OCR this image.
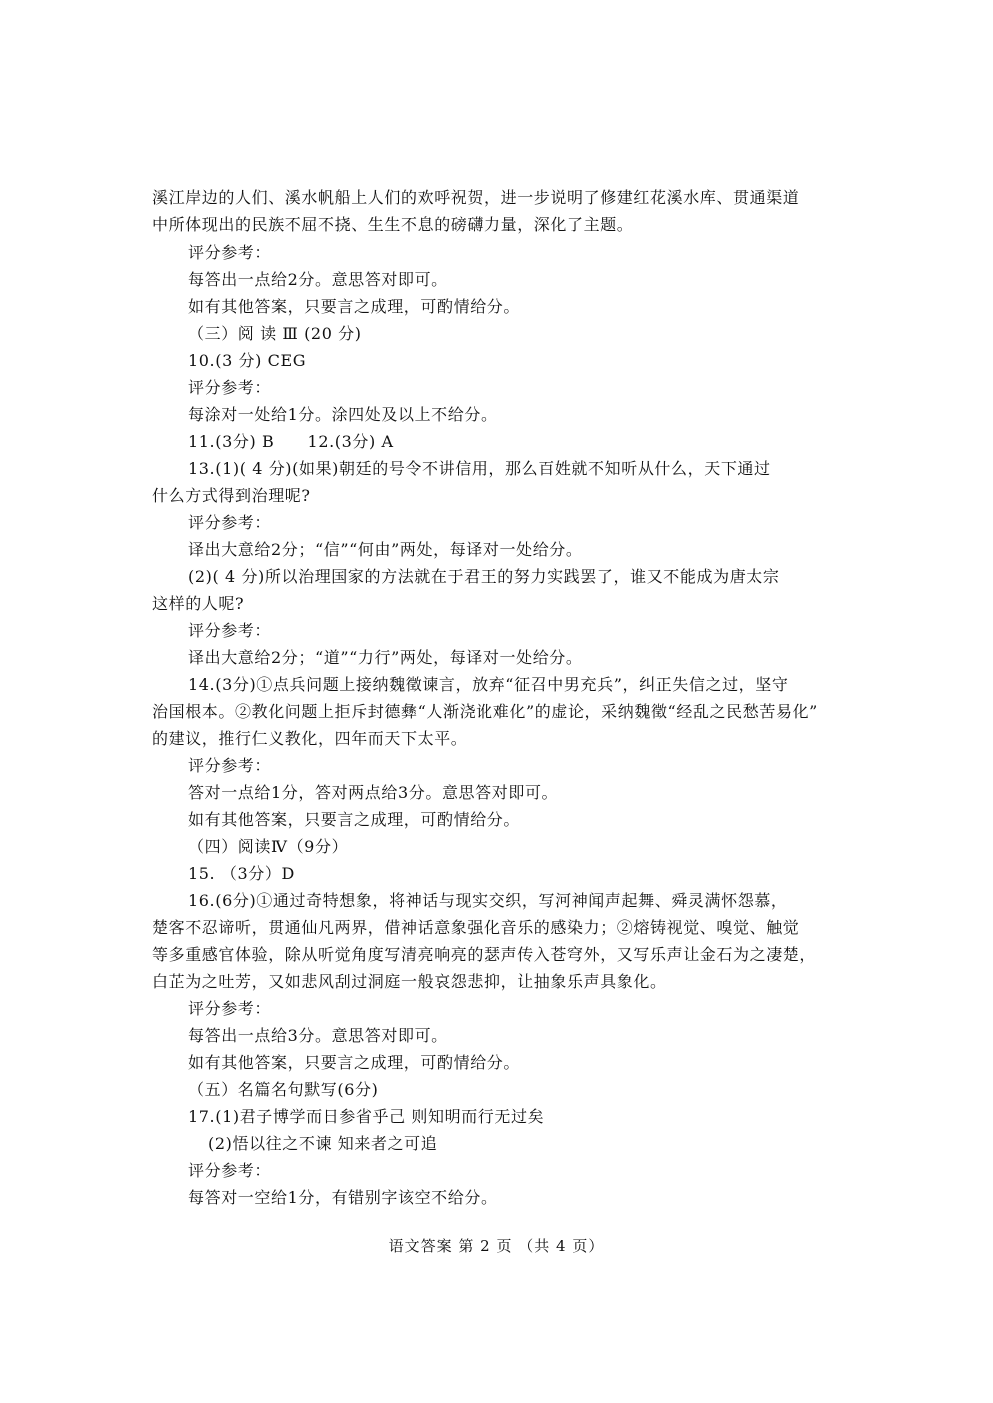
溪江岸边的人们、溪水帆船上人们的欢呼祝贺，进一步说明了修建红花溪水库、贯通渠道
中所体现出的民族不屈不挠、生生不息的磅礴力量，深化了主题。
评分参考：
每答出一点给2分。意思答对即可。
如有其他答案，只要言之成理，可酌情给分。
（三）阅 读 Ⅲ (20 分)
10.(3 分) CEG
评分参考：
每涂对一处给1分。涂四处及以上不给分。
11.(3分) B　　12.(3分) A
13.(1)( 4 分)(如果)朝廷的号令不讲信用，那么百姓就不知听从什么，天下通过
什么方式得到治理呢?
评分参考：
译出大意给2分；“信”“何由”两处，每译对一处给分。
(2)( 4 分)所以治理国家的方法就在于君王的努力实践罢了，谁又不能成为唐太宗
这样的人呢?
评分参考：
译出大意给2分；“道”“力行”两处，每译对一处给分。
14.(3分)①点兵问题上接纳魏徵谏言，放弃“征召中男充兵”，纠正失信之过，坚守
治国根本。②教化问题上拒斥封德彝“人渐浇讹难化”的虚论，采纳魏徵“经乱之民愁苦易化”
的建议，推行仁义教化，四年而天下太平。
评分参考：
答对一点给1分，答对两点给3分。意思答对即可。
如有其他答案，只要言之成理，可酌情给分。
（四）阅读Ⅳ（9分）
15. （3分）D
16.(6分)①通过奇特想象，将神话与现实交织，写河神闻声起舞、舜灵满怀怨慕，
楚客不忍谛听，贯通仙凡两界，借神话意象强化音乐的感染力；②熔铸视觉、嗅觉、触觉
等多重感官体验，除从听觉角度写清亮响亮的瑟声传入苍穹外，又写乐声让金石为之凄楚，
白芷为之吐芳，又如悲风刮过洞庭一般哀怨悲抑，让抽象乐声具象化。
评分参考：
每答出一点给3分。意思答对即可。
如有其他答案，只要言之成理，可酌情给分。
（五）名篇名句默写(6分)
17.(1)君子博学而日参省乎己 则知明而行无过矣
(2)悟以往之不谏 知来者之可追
评分参考：
每答对一空给1分，有错别字该空不给分。
语文答案 第 2 页 （共 4 页）
